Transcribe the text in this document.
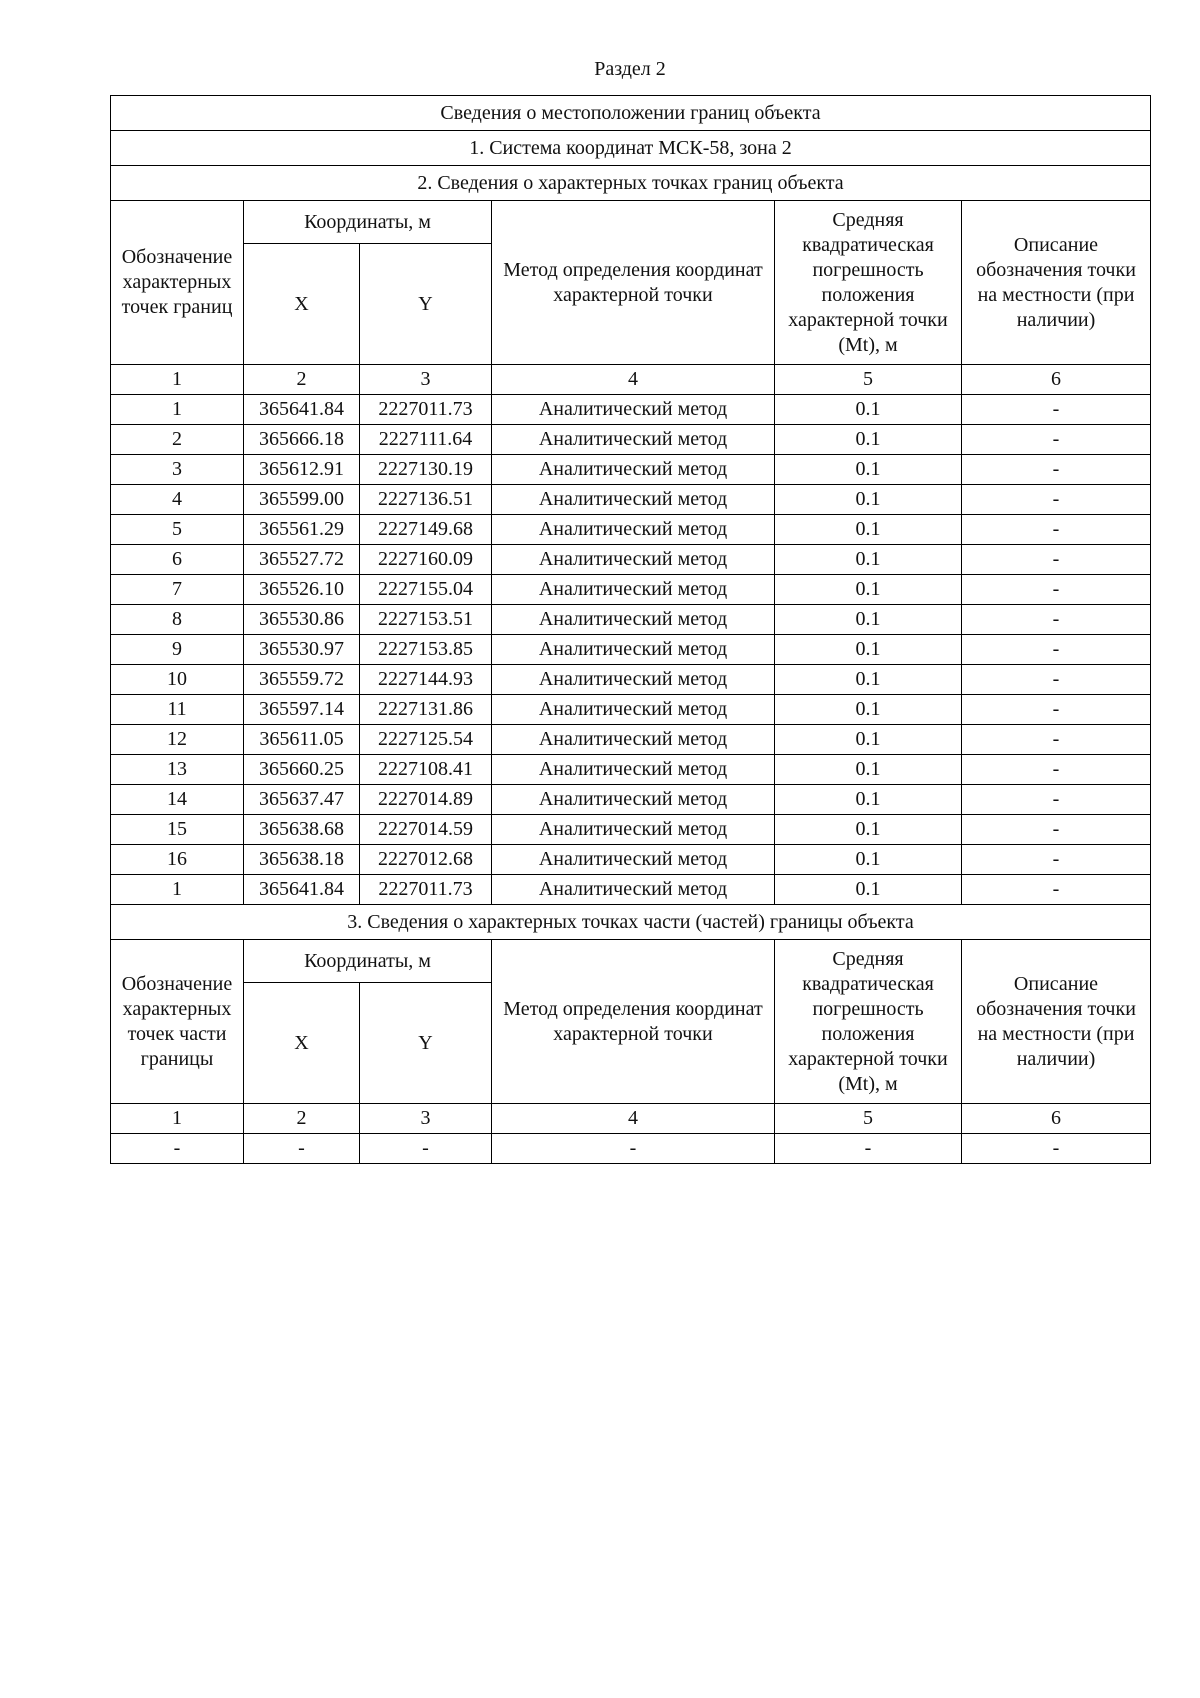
Раздел 2
Сведения о местоположении границ объекта					
1. Система координат МСК-58, зона 2					
2. Сведения о характерных точках границ объекта					
Обозначение характерных точек границ	Координаты, м		Метод определения координат характерной точки	Средняя квадратическая погрешность положения характерной точки (Mt), м	Описание обозначения точки на местности (при наличии)
	X	Y			
1	2	3	4	5	6
1	365641.84	2227011.73	Аналитический метод	0.1	-
2	365666.18	2227111.64	Аналитический метод	0.1	-
3	365612.91	2227130.19	Аналитический метод	0.1	-
4	365599.00	2227136.51	Аналитический метод	0.1	-
5	365561.29	2227149.68	Аналитический метод	0.1	-
6	365527.72	2227160.09	Аналитический метод	0.1	-
7	365526.10	2227155.04	Аналитический метод	0.1	-
8	365530.86	2227153.51	Аналитический метод	0.1	-
9	365530.97	2227153.85	Аналитический метод	0.1	-
10	365559.72	2227144.93	Аналитический метод	0.1	-
11	365597.14	2227131.86	Аналитический метод	0.1	-
12	365611.05	2227125.54	Аналитический метод	0.1	-
13	365660.25	2227108.41	Аналитический метод	0.1	-
14	365637.47	2227014.89	Аналитический метод	0.1	-
15	365638.68	2227014.59	Аналитический метод	0.1	-
16	365638.18	2227012.68	Аналитический метод	0.1	-
1	365641.84	2227011.73	Аналитический метод	0.1	-
3. Сведения о характерных точках части (частей) границы объекта					
Обозначение характерных точек части границы	Координаты, м		Метод определения координат характерной точки	Средняя квадратическая погрешность положения характерной точки (Mt), м	Описание обозначения точки на местности (при наличии)
	X	Y			
1	2	3	4	5	6
-	-	-	-	-	-
